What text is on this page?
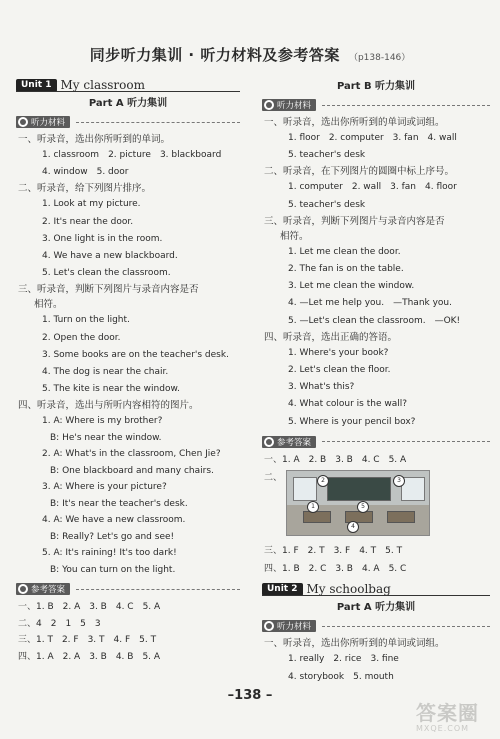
同步听力集训 · 听力材料及参考答案 （p138-146）
Unit 1 My classroom
Part A 听力集训
听力材料
一、听录音，选出你所听到的单词。
1. classroom　2. picture　3. blackboard
4. window　5. door
二、听录音，给下列图片排序。
1. Look at my picture.
2. It's near the door.
3. One light is in the room.
4. We have a new blackboard.
5. Let's clean the classroom.
三、听录音，判断下列图片与录音内容是否
相符。
1. Turn on the light.
2. Open the door.
3. Some books are on the teacher's desk.
4. The dog is near the chair.
5. The kite is near the window.
四、听录音，选出与所听内容相符的图片。
1. A: Where is my brother?
B: He's near the window.
2. A: What's in the classroom, Chen Jie?
B: One blackboard and many chairs.
3. A: Where is your picture?
B: It's near the teacher's desk.
4. A: We have a new classroom.
B: Really? Let's go and see!
5. A: It's raining! It's too dark!
B: You can turn on the light.
参考答案
一、1. B　2. A　3. B　4. C　5. A
二、4　2　1　5　3
三、1. T　2. F　3. T　4. F　5. T
四、1. A　2. A　3. B　4. B　5. A
Part B 听力集训
听力材料
一、听录音，选出你所听到的单词或词组。
1. floor　2. computer　3. fan　4. wall
5. teacher's desk
二、听录音，在下列图片的圆圈中标上序号。
1. computer　2. wall　3. fan　4. floor
5. teacher's desk
三、听录音，判断下列图片与录音内容是否
相符。
1. Let me clean the door.
2. The fan is on the table.
3. Let me clean the window.
4. —Let me help you.　—Thank you.
5. —Let's clean the classroom.　—OK!
四、听录音，选出正确的答语。
1. Where's your book?
2. Let's clean the floor.
3. What's this?
4. What colour is the wall?
5. Where is your pencil box?
参考答案
一、1. A　2. B　3. B　4. C　5. A
二、	2
5
3
1
4
三、1. F　2. T　3. F　4. T　5. T
四、1. B　2. C　3. B　4. A　5. C
Unit 2 My schoolbag
Part A 听力集训
听力材料
一、听录音，选出你所听到的单词或词组。
1. really　2. rice　3. fine
4. storybook　5. mouth
–138 –
答案圈
MXQE.COM
